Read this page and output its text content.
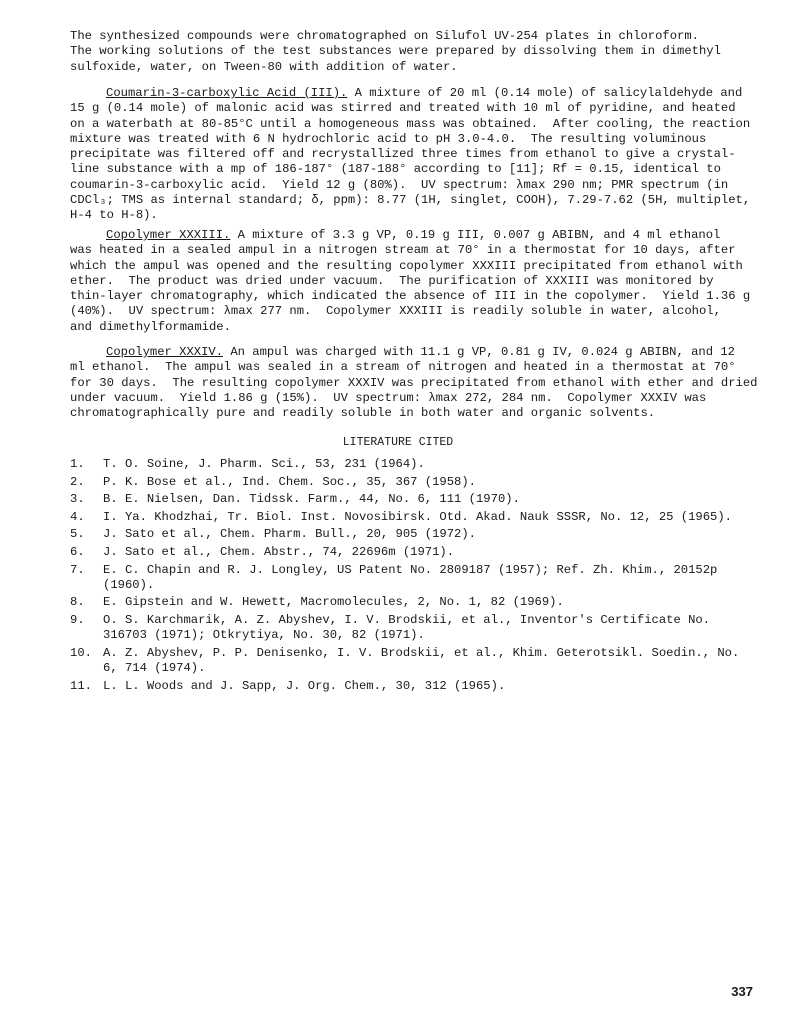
The synthesized compounds were chromatographed on Silufol UV-254 plates in chloroform.
The working solutions of the test substances were prepared by dissolving them in dimethyl
sulfoxide, water, on Tween-80 with addition of water.

Coumarin-3-carboxylic Acid (III). A mixture of 20 ml (0.14 mole) of salicylaldehyde and
15 g (0.14 mole) of malonic acid was stirred and treated with 10 ml of pyridine, and heated
on a waterbath at 80-85°C until a homogeneous mass was obtained.  After cooling, the reaction
mixture was treated with 6 N hydrochloric acid to pH 3.0-4.0.  The resulting voluminous
precipitate was filtered off and recrystallized three times from ethanol to give a crystal-
line substance with a mp of 186-187° (187-188° according to [11]; Rf = 0.15, identical to
coumarin-3-carboxylic acid.  Yield 12 g (80%).  UV spectrum: λmax 290 nm; PMR spectrum (in
CDCl₃; TMS as internal standard; δ, ppm): 8.77 (1H, singlet, COOH), 7.29-7.62 (5H, multiplet,
H-4 to H-8).

Copolymer XXXIII. A mixture of 3.3 g VP, 0.19 g III, 0.007 g ABIBN, and 4 ml ethanol
was heated in a sealed ampul in a nitrogen stream at 70° in a thermostat for 10 days, after
which the ampul was opened and the resulting copolymer XXXIII precipitated from ethanol with
ether.  The product was dried under vacuum.  The purification of XXXIII was monitored by
thin-layer chromatography, which indicated the absence of III in the copolymer.  Yield 1.36 g
(40%).  UV spectrum: λmax 277 nm.  Copolymer XXXIII is readily soluble in water, alcohol,
and dimethylformamide.

Copolymer XXXIV. An ampul was charged with 11.1 g VP, 0.81 g IV, 0.024 g ABIBN, and 12
ml ethanol.  The ampul was sealed in a stream of nitrogen and heated in a thermostat at 70°
for 30 days.  The resulting copolymer XXXIV was precipitated from ethanol with ether and dried
under vacuum.  Yield 1.86 g (15%).  UV spectrum: λmax 272, 284 nm.  Copolymer XXXIV was
chromatographically pure and readily soluble in both water and organic solvents.

LITERATURE CITED

1.	T. O. Soine, J. Pharm. Sci., 53, 231 (1964).
2.	P. K. Bose et al., Ind. Chem. Soc., 35, 367 (1958).
3.	B. E. Nielsen, Dan. Tidssk. Farm., 44, No. 6, 111 (1970).
4.	I. Ya. Khodzhai, Tr. Biol. Inst. Novosibirsk. Otd. Akad. Nauk SSSR, No. 12, 25 (1965).
5.	J. Sato et al., Chem. Pharm. Bull., 20, 905 (1972).
6.	J. Sato et al., Chem. Abstr., 74, 22696m (1971).
7.	E. C. Chapin and R. J. Longley, US Patent No. 2809187 (1957); Ref. Zh. Khim., 20152p
(1960).
8.	E. Gipstein and W. Hewett, Macromolecules, 2, No. 1, 82 (1969).
9.	O. S. Karchmarik, A. Z. Abyshev, I. V. Brodskii, et al., Inventor's Certificate No.
316703 (1971); Otkrytiya, No. 30, 82 (1971).
10. A. Z. Abyshev, P. P. Denisenko, I. V. Brodskii, et al., Khim. Geterotsikl. Soedin., No.
6, 714 (1974).
11. L. L. Woods and J. Sapp, J. Org. Chem., 30, 312 (1965).
337
